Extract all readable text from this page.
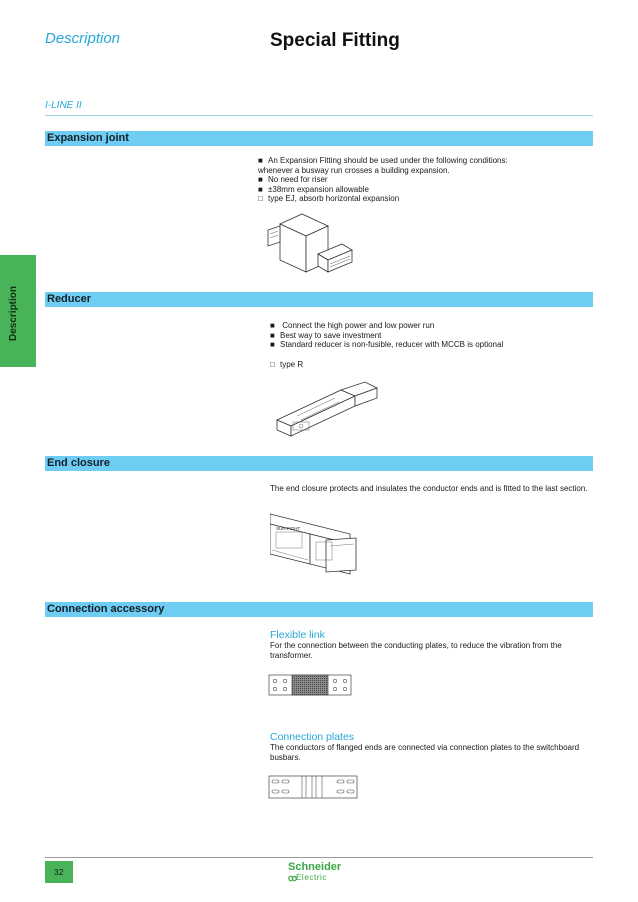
Description	Special Fitting
I-LINE II
Description
Expansion joint

■ An Expansion Fitting should be used under the following conditions:

whenever a busway run crosses a building expansion.

■ No need for riser

■ ±38mm expansion allowable

□ type EJ, absorb horizontal expansion

Reducer

■ Connect the high power and low power run

■ Best way to save investment

■ Standard reducer is non-fusible, reducer with MCCB is optional

□ type R

End closure
The end closure protects and insulates the conductor ends and is fitted to the last section.
SUN FIGHT
Connection accessory
Flexible link
For the connection between the conducting plates, to reduce the vibration from the transformer.
Connection plates
The conductors of flanged ends are connected via connection plates to the switchboard busbars.
32	Schneider
ꝏ
Electric
